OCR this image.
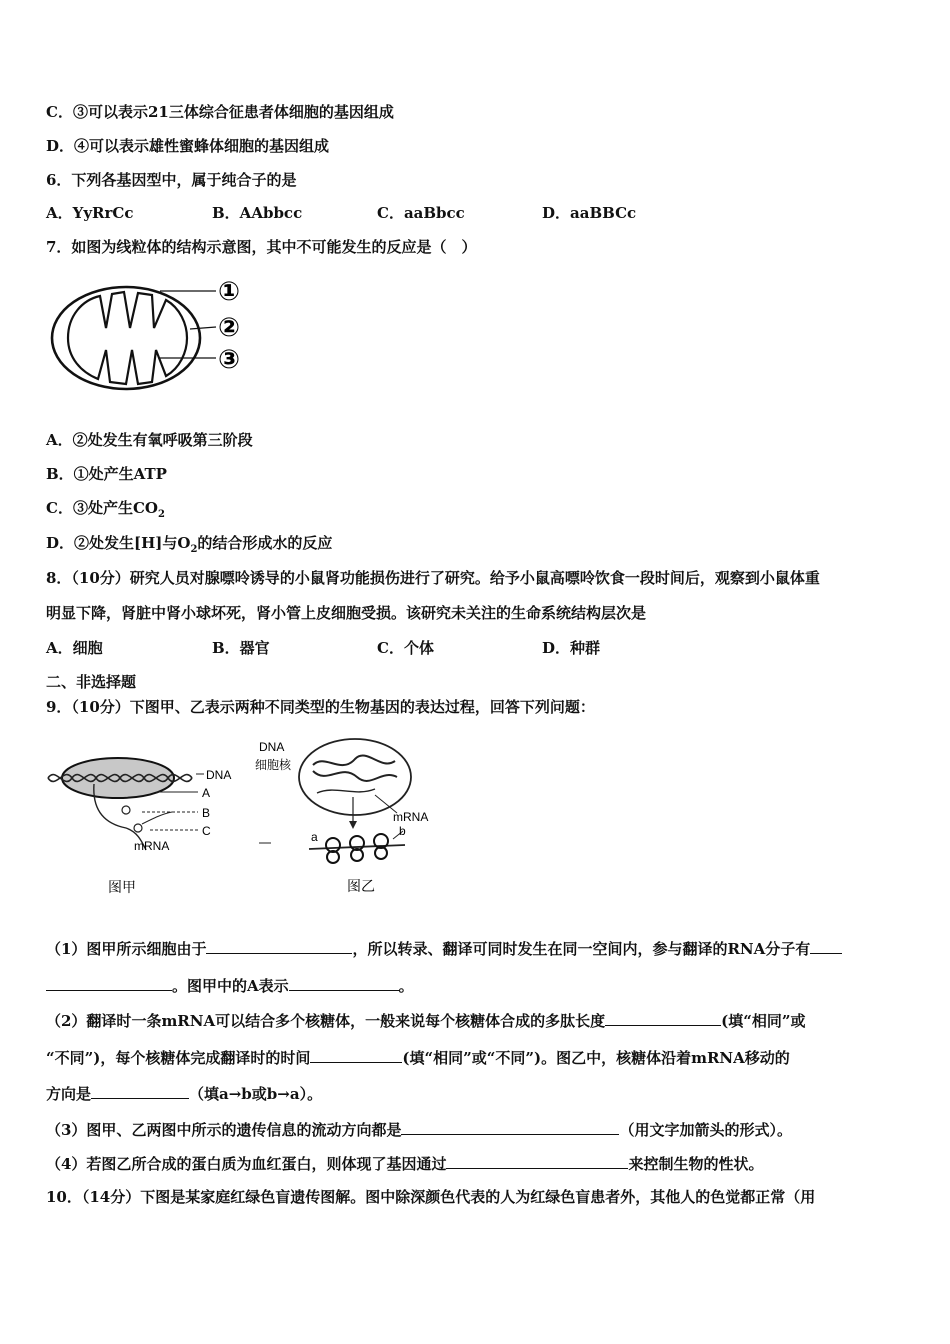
C．③可以表示21三体综合征患者体细胞的基因组成
D．④可以表示雄性蜜蜂体细胞的基因组成
6．下列各基因型中，属于纯合子的是
A．YyRrCc	B．AAbbcc	C．aaBbcc	D．aaBBCc
7．如图为线粒体的结构示意图，其中不可能发生的反应是（　）
①
②
③
A．②处发生有氧呼吸第三阶段
B．①处产生ATP
C．③处产生$CO_2$
D．②处发生[H]与$O_2$的结合形成水的反应
8．（10分）研究人员对腺嘌呤诱导的小鼠肾功能损伤进行了研究。给予小鼠高嘌呤饮食一段时间后，观察到小鼠体重
明显下降，肾脏中肾小球坏死，肾小管上皮细胞受损。该研究未关注的生命系统结构层次是
A．细胞	B．器官	C．个体	D．种群
二、非选择题
9．（10分）下图甲、乙表示两种不同类型的生物基因的表达过程，回答下列问题：
DNA
A
B
C
mRNA
图甲
DNA
细胞核
mRNA
a	b
图乙
（1）图甲所示细胞由于	，所以转录、翻译可同时发生在同一空间内，参与翻译的RNA分子有
。图甲中的A表示	。
（2）翻译时一条mRNA可以结合多个核糖体，一般来说每个核糖体合成的多肽长度	(填“相同”或
“不同”)，每个核糖体完成翻译时的时间	(填“相同”或“不同”)。图乙中，核糖体沿着mRNA移动的
方向是	（填a→b或b→a）。
（3）图甲、乙两图中所示的遗传信息的流动方向都是	（用文字加箭头的形式）。
（4）若图乙所合成的蛋白质为血红蛋白，则体现了基因通过	来控制生物的性状。
10．（14分）下图是某家庭红绿色盲遗传图解。图中除深颜色代表的人为红绿色盲患者外，其他人的色觉都正常（用
